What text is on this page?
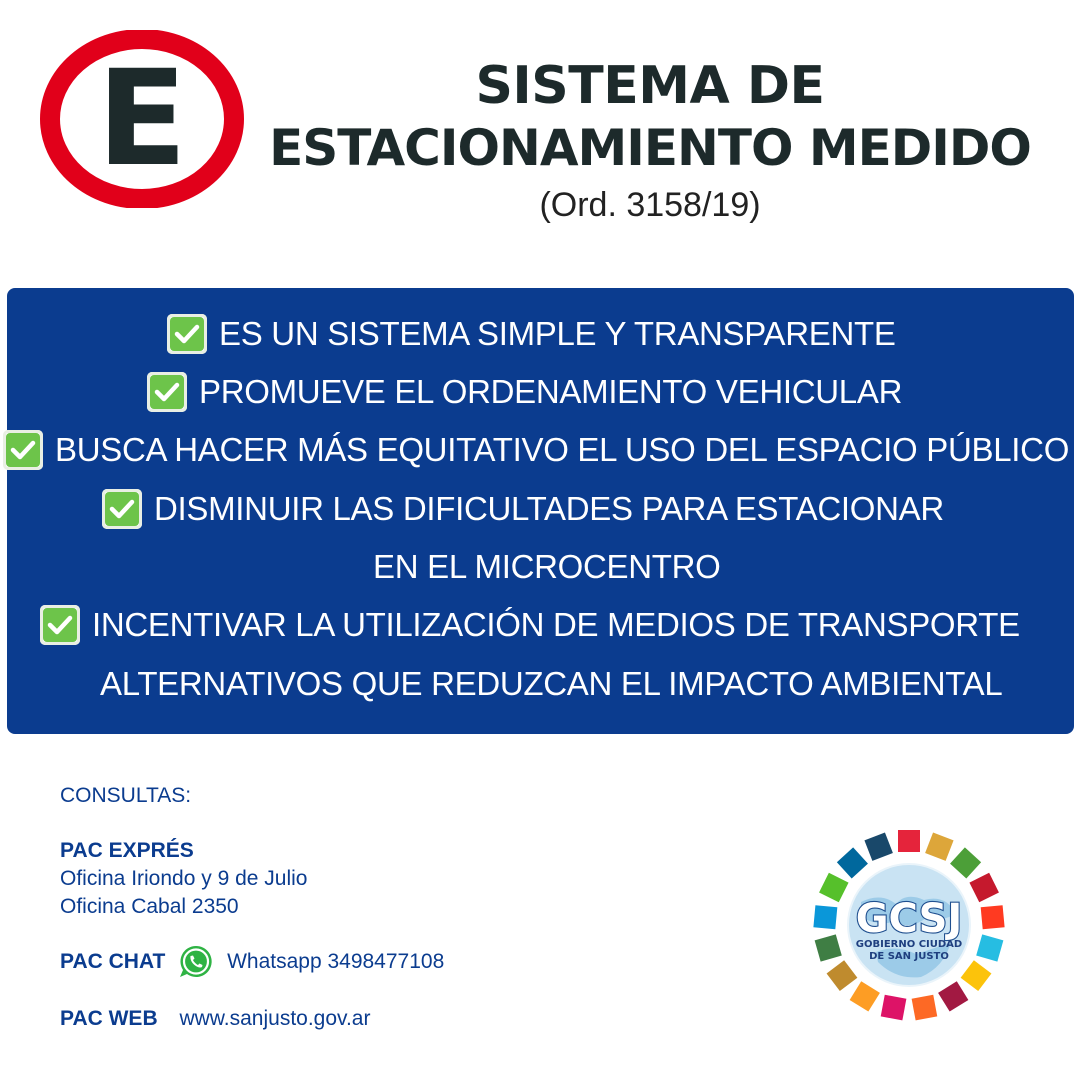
E	SISTEMA DE
ESTACIONAMIENTO MEDIDO
(Ord. 3158/19)
ES UN SISTEMA SIMPLE Y TRANSPARENTE
PROMUEVE EL ORDENAMIENTO VEHICULAR
BUSCA HACER MÁS EQUITATIVO EL USO DEL ESPACIO PÚBLICO
DISMINUIR LAS DIFICULTADES PARA ESTACIONAR
EN EL MICROCENTRO
INCENTIVAR LA UTILIZACIÓN DE MEDIOS DE TRANSPORTE
ALTERNATIVOS QUE REDUZCAN EL IMPACTO AMBIENTAL
CONSULTAS:
PAC EXPRÉS
Oficina Iriondo y 9 de Julio
Oficina Cabal 2350
PAC CHAT	Whatsapp 3498477108
PAC WEB www.sanjusto.gov.ar
GCSJ
GOBIERNO CIUDAD
DE SAN JUSTO
